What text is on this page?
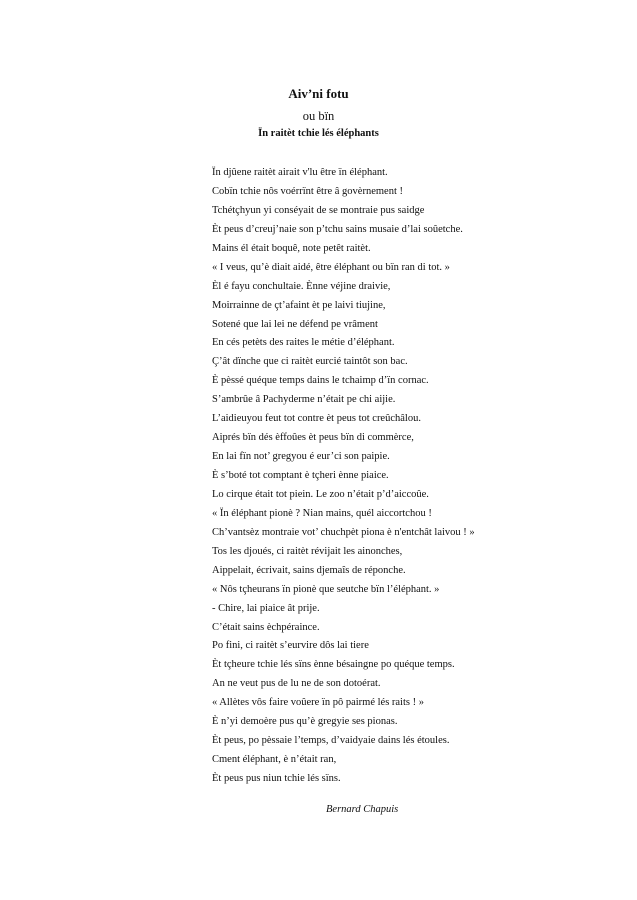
Aiv’ni fotu

ou bïn

Ïn raitèt tchie lés éléphants

Ïn djûene raitèt airait v'lu être ïn éléphant.
Cobïn tchie nôs voérrïnt être â govèrnement !
Tchétçhyun yi conséyait de se montraie pus saidge
Èt peus d’creuj’naie son p’tchu sains musaie d’lai soûetche.
Mains él était boquê, note petêt raitèt.
« I veus, qu’è diait aidé, être éléphant ou bïn ran di tot. »
Èl é fayu conchultaie. Ènne véjine draivie,
Moirrainne de çt’afaint èt pe laivi tiujine,
Sotené que lai lei ne défend pe vrâment
En cés petèts des raites le métie d’éléphant.
Ç’ât dïnche que ci raitèt eurcié taintôt son bac.
È pèssé quéque temps dains le tchaimp d’ïn cornac.
S’ambrûe â Pachyderme n’était pe chi aijie.
L’aidieuyou feut tot contre èt peus tot creûchâlou.
Aiprés bïn dés èffoûes èt peus bïn di commèrce,
En lai fïn not’ gregyou é eur’ci son paipie.
È s’boté tot comptant è tçheri ènne piaice.
Lo cirque était tot piein. Le zoo n’était p’d’aiccoûe.
« Ïn éléphant pionè ? Nian mains, quél aiccortchou !
Ch’vantsèz montraie vot’ chuchpèt piona è n'entchât laivou ! »
Tos les djoués, ci raitèt révijait les ainonches,
Aippelait, écrivait, sains djemaîs de réponche.
« Nôs tçheurans ïn pionè que seutche bïn l’éléphant. »
- Chire, lai piaice ât prije.
C’était sains èchpéraince.
Po fini, ci raitèt s’eurvire dôs lai tiere
Èt tçheure tchie lés sïns ènne bésaingne po quéque temps.
An ne veut pus de lu ne de son dotoérat.
« Allètes vôs faire voûere ïn pô pairmé lés raits ! »
È n’yi demoère pus qu’è gregyie ses pionas.
Èt peus, po pèssaie l’temps, d’vaidyaie dains lés étoules.
Cment éléphant, è n’était ran,
Èt peus pus niun tchie lés sïns.

Bernard Chapuis
